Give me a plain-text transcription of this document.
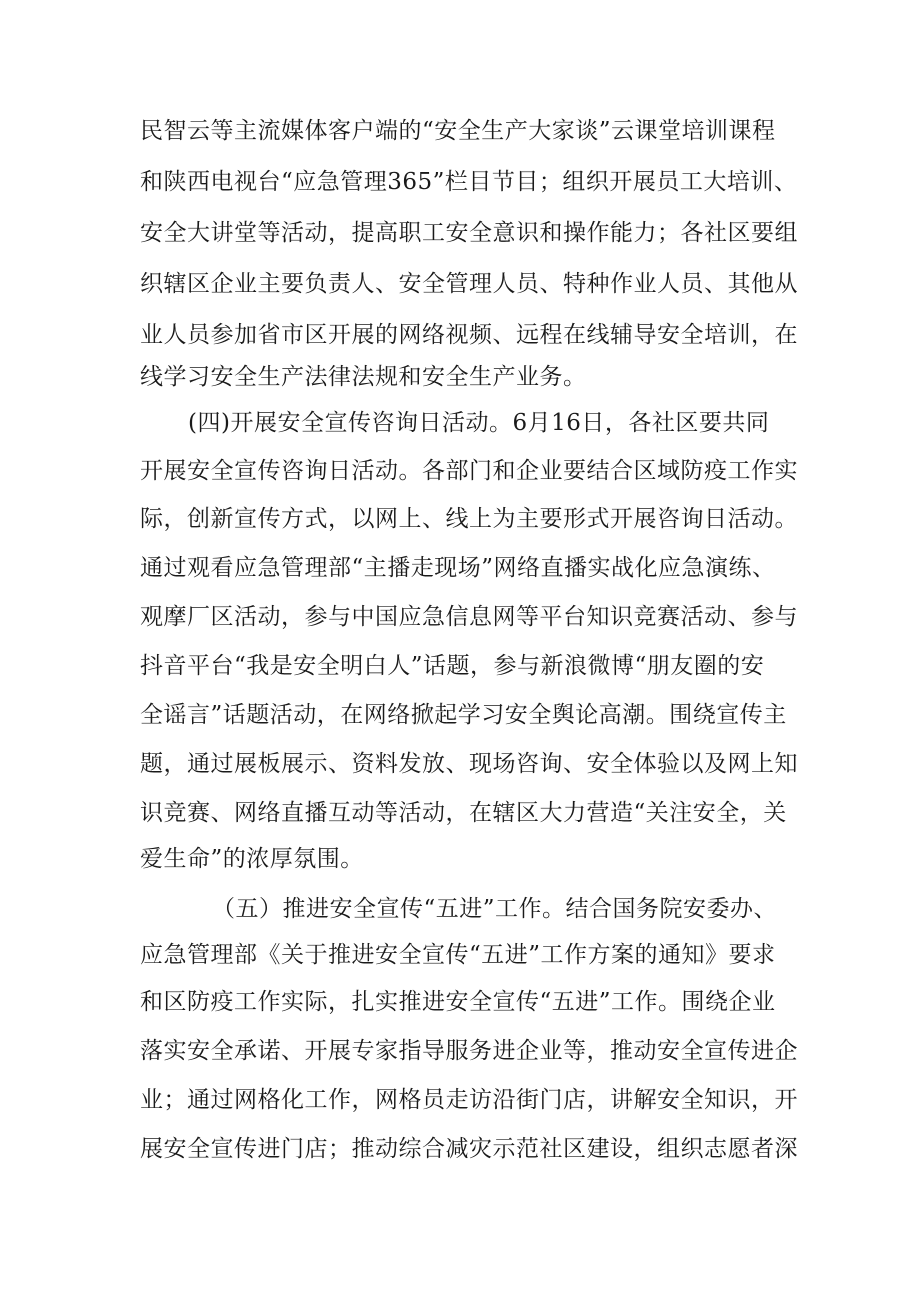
民智云等主流媒体客户端的“安全生产大家谈”云课堂培训课程
和陕西电视台“应急管理365”栏目节目；组织开展员工大培训、
安全大讲堂等活动，提高职工安全意识和操作能力；各社区要组
织辖区企业主要负责人、安全管理人员、特种作业人员、其他从
业人员参加省市区开展的网络视频、远程在线辅导安全培训，在
线学习安全生产法律法规和安全生产业务。
(四)开展安全宣传咨询日活动。6月16日，各社区要共同
开展安全宣传咨询日活动。各部门和企业要结合区域防疫工作实
际，创新宣传方式，以网上、线上为主要形式开展咨询日活动。
通过观看应急管理部“主播走现场”网络直播实战化应急演练、
观摩厂区活动，参与中国应急信息网等平台知识竞赛活动、参与
抖音平台“我是安全明白人”话题，参与新浪微博“朋友圈的安
全谣言”话题活动，在网络掀起学习安全舆论高潮。围绕宣传主
题，通过展板展示、资料发放、现场咨询、安全体验以及网上知
识竞赛、网络直播互动等活动，在辖区大力营造“关注安全，关
爱生命”的浓厚氛围。
（五）推进安全宣传“五进”工作。结合国务院安委办、
应急管理部《关于推进安全宣传“五进”工作方案的通知》要求
和区防疫工作实际，扎实推进安全宣传“五进”工作。围绕企业
落实安全承诺、开展专家指导服务进企业等，推动安全宣传进企
业；通过网格化工作，网格员走访沿街门店，讲解安全知识，开
展安全宣传进门店；推动综合减灾示范社区建设，组织志愿者深
